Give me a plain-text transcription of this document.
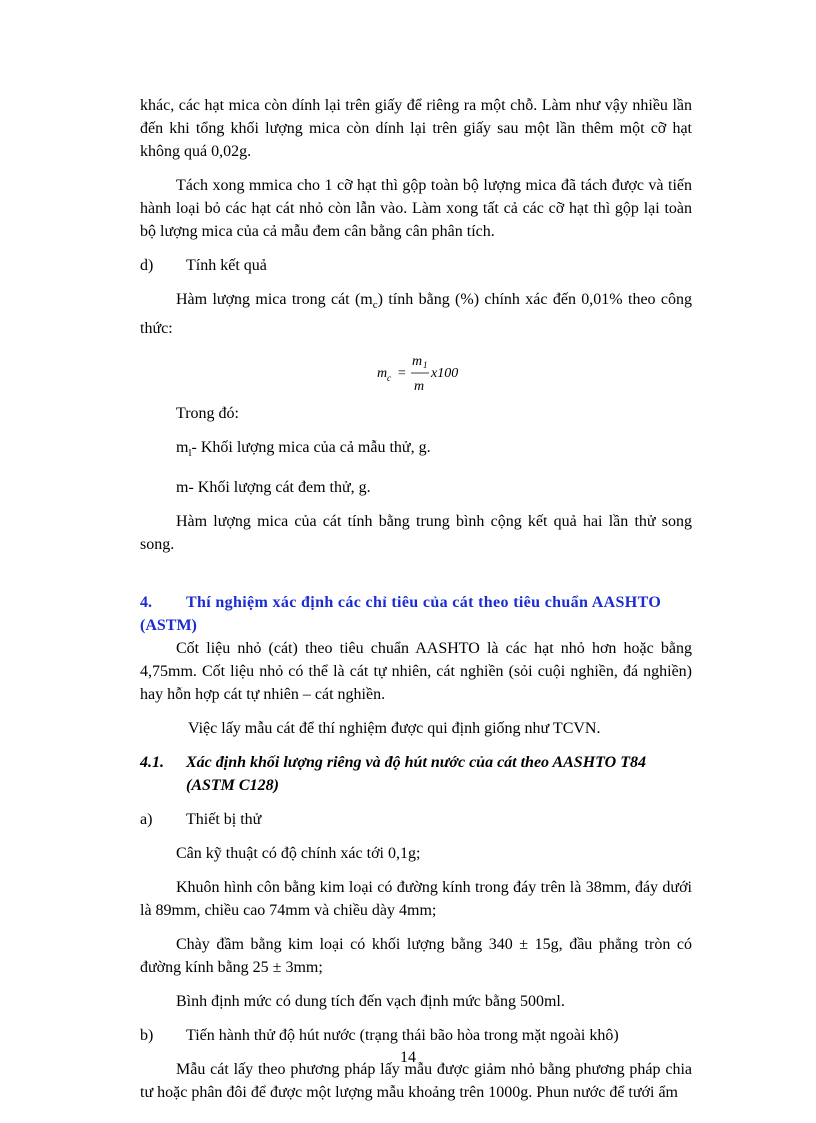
khác, các hạt mica còn dính lại trên giấy để riêng ra một chỗ. Làm như vậy nhiều lần đến khi tổng khối lượng mica còn dính lại trên giấy sau một lần thêm một cỡ hạt không quá 0,02g.

Tách xong mmica cho 1 cỡ hạt thì gộp toàn bộ lượng mica đã tách được và tiến hành loại bỏ các hạt cát nhỏ còn lẫn vào. Làm xong tất cả các cỡ hạt thì gộp lại toàn bộ lượng mica của cả mẫu đem cân bằng cân phân tích.

d)	Tính kết quả

Hàm lượng mica trong cát $(m_c)$ tính bằng (%) chính xác đến 0,01% theo công thức:

m c =
m 1
m
x100

Trong đó:

$m_l-$ Khối lượng mica của cả mẫu thử, g.

m- Khối lượng cát đem thử, g.

Hàm lượng mica của cát tính bằng trung bình cộng kết quả hai lần thử song song.

4. Thí nghiệm xác định các chỉ tiêu của cát theo tiêu chuẩn AASHTO
(ASTM)

Cốt liệu nhỏ (cát) theo tiêu chuẩn AASHTO là các hạt nhỏ hơn hoặc bằng 4,75mm. Cốt liệu nhỏ có thể là cát tự nhiên, cát nghiền (sỏi cuội nghiền, đá nghiền) hay hỗn hợp cát tự nhiên – cát nghiền.

Việc lấy mẫu cát để thí nghiệm được qui định giống như TCVN.

4.1. Xác định khối lượng riêng và độ hút nước của cát theo AASHTO T84
(ASTM C128)
a)	Thiết bị thử

Cân kỹ thuật có độ chính xác tới 0,1g;

Khuôn hình côn bằng kim loại có đường kính trong đáy trên là 38mm, đáy dưới là 89mm, chiều cao 74mm và chiều dày 4mm;

Chày đầm bằng kim loại có khối lượng bằng 340 ± 15g, đầu phẳng tròn có đường kính bằng 25 ± 3mm;

Bình định mức có dung tích đến vạch định mức bằng 500ml.

b)	Tiến hành thử độ hút nước (trạng thái bão hòa trong mặt ngoài khô)

Mẫu cát lấy theo phương pháp lấy mẫu được giảm nhỏ bằng phương pháp chia tư hoặc phân đôi để được một lượng mẫu khoảng trên 1000g. Phun nước để tưới ẩm

14
